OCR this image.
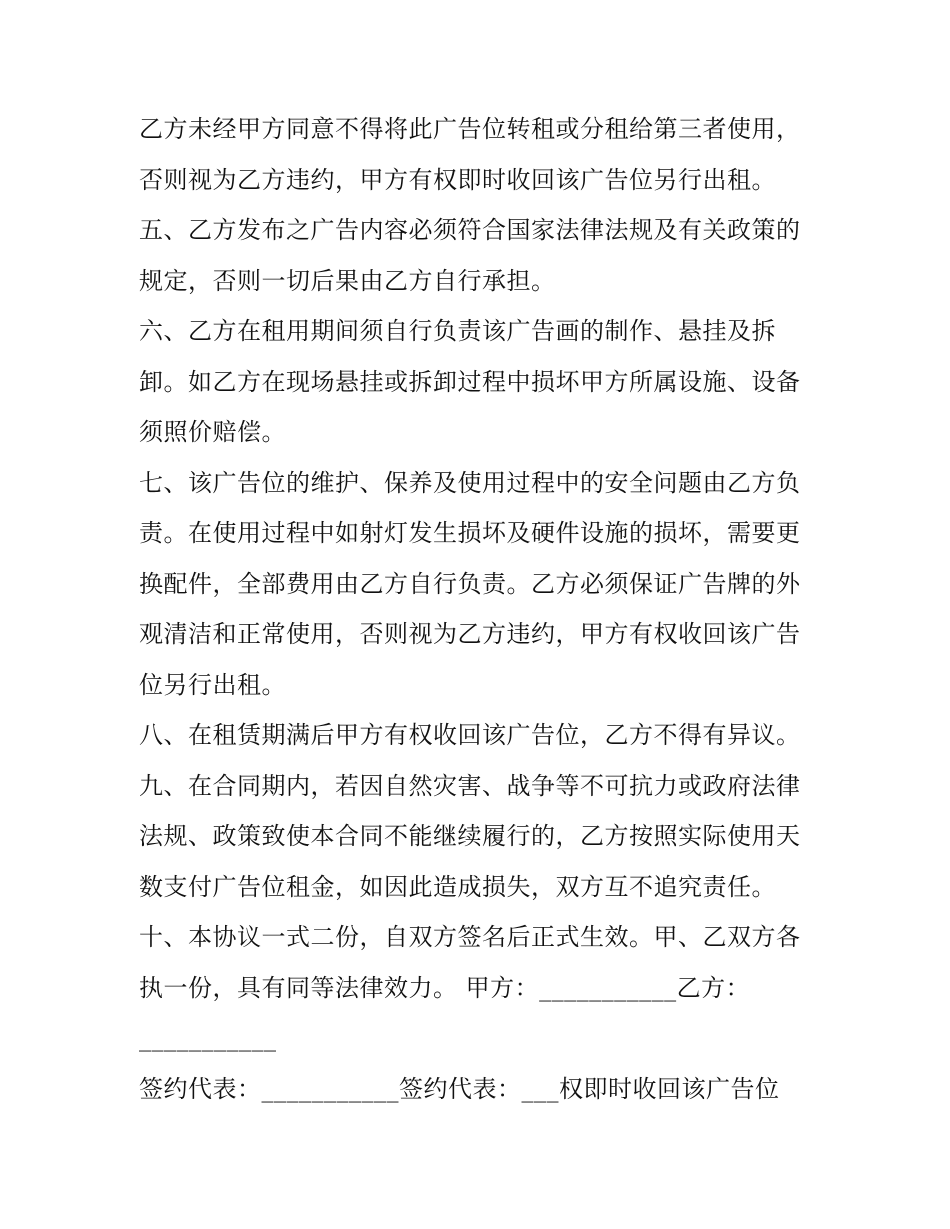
乙方未经甲方同意不得将此广告位转租或分租给第三者使用，
否则视为乙方违约，甲方有权即时收回该广告位另行出租。
五、乙方发布之广告内容必须符合国家法律法规及有关政策的
规定，否则一切后果由乙方自行承担。
六、乙方在租用期间须自行负责该广告画的制作、悬挂及拆
卸。如乙方在现场悬挂或拆卸过程中损坏甲方所属设施、设备
须照价赔偿。
七、该广告位的维护、保养及使用过程中的安全问题由乙方负
责。在使用过程中如射灯发生损坏及硬件设施的损坏，需要更
换配件，全部费用由乙方自行负责。乙方必须保证广告牌的外
观清洁和正常使用，否则视为乙方违约，甲方有权收回该广告
位另行出租。
八、在租赁期满后甲方有权收回该广告位，乙方不得有异议。
九、在合同期内，若因自然灾害、战争等不可抗力或政府法律
法规、政策致使本合同不能继续履行的，乙方按照实际使用天
数支付广告位租金，如因此造成损失，双方互不追究责任。
十、本协议一式二份，自双方签名后正式生效。甲、乙双方各
执一份，具有同等法律效力。 甲方：___________乙方：
___________
签约代表：___________签约代表：___权即时收回该广告位
